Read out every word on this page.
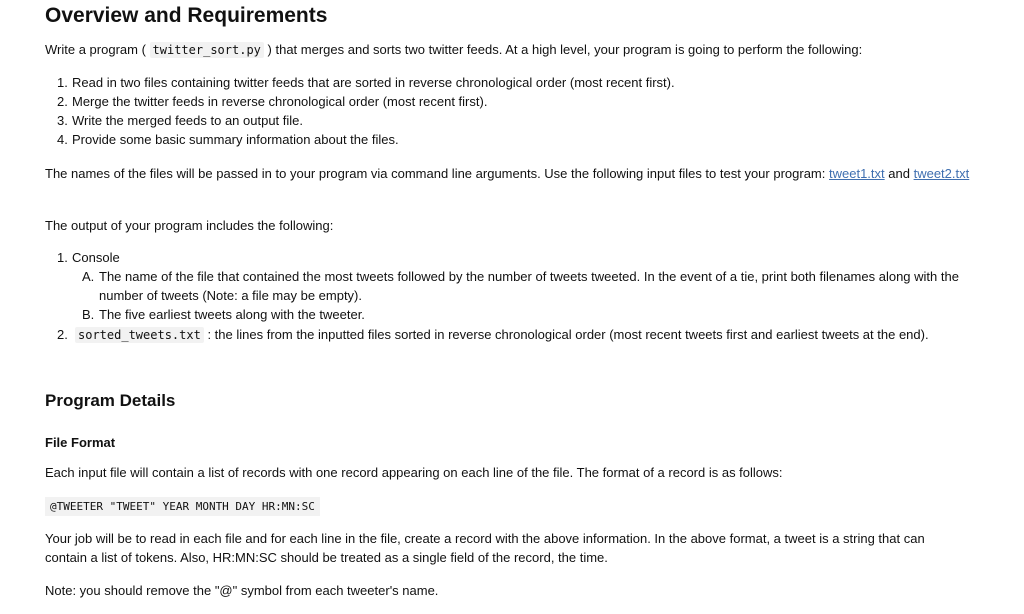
Overview and Requirements

Write a program ( twitter_sort.py ) that merges and sorts two twitter feeds. At a high level, your program is going to perform the following:

1. Read in two files containing twitter feeds that are sorted in reverse chronological order (most recent first).
2. Merge the twitter feeds in reverse chronological order (most recent first).
3. Write the merged feeds to an output file.
4. Provide some basic summary information about the files.

The names of the files will be passed in to your program via command line arguments. Use the following input files to test your program: tweet1.txt and tweet2.txt

The output of your program includes the following:

1. Console
A. The name of the file that contained the most tweets followed by the number of tweets tweeted. In the event of a tie, print both filenames along with the
number of tweets (Note: a file may be empty).
B. The five earliest tweets along with the tweeter.
2. sorted_tweets.txt : the lines from the inputted files sorted in reverse chronological order (most recent tweets first and earliest tweets at the end).
Program Details
File Format

Each input file will contain a list of records with one record appearing on each line of the file. The format of a record is as follows:

@TWEETER "TWEET" YEAR MONTH DAY HR:MN:SC

Your job will be to read in each file and for each line in the file, create a record with the above information. In the above format, a tweet is a string that can
contain a list of tokens. Also, HR:MN:SC should be treated as a single field of the record, the time.

Note: you should remove the "@" symbol from each tweeter's name.
